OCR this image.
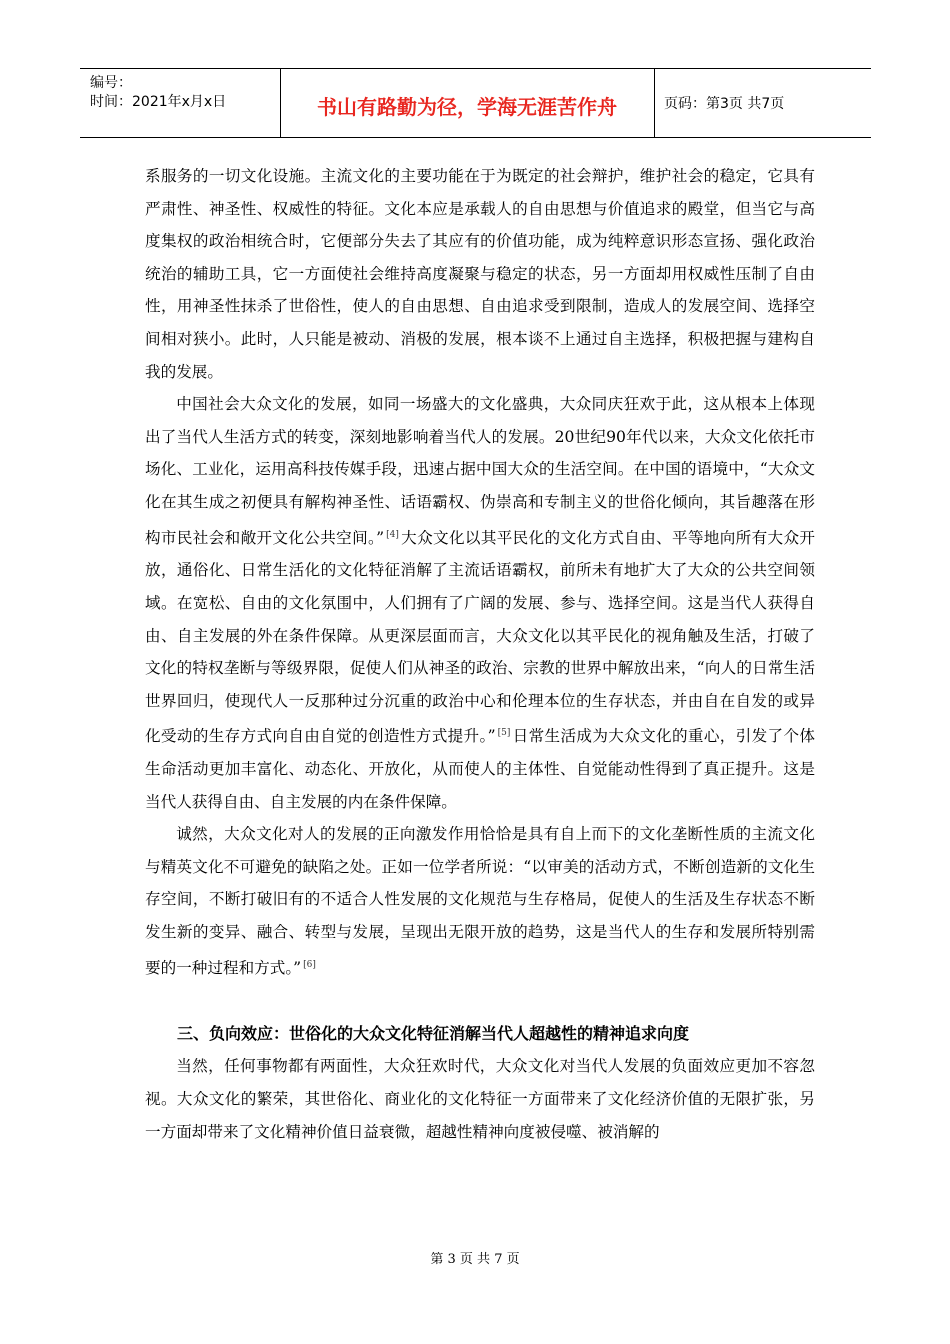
编号：
时间：2021年x月x日	书山有路勤为径，学海无涯苦作舟	页码：第3页 共7页

系服务的一切文化设施。主流文化的主要功能在于为既定的社会辩护，维护社会的稳定，它具有严肃性、神圣性、权威性的特征。文化本应是承载人的自由思想与价值追求的殿堂，但当它与高度集权的政治相统合时，它便部分失去了其应有的价值功能，成为纯粹意识形态宣扬、强化政治统治的辅助工具，它一方面使社会维持高度凝聚与稳定的状态，另一方面却用权威性压制了自由性，用神圣性抹杀了世俗性，使人的自由思想、自由追求受到限制，造成人的发展空间、选择空间相对狭小。此时，人只能是被动、消极的发展，根本谈不上通过自主选择，积极把握与建构自我的发展。

中国社会大众文化的发展，如同一场盛大的文化盛典，大众同庆狂欢于此，这从根本上体现出了当代人生活方式的转变，深刻地影响着当代人的发展。20世纪90年代以来，大众文化依托市场化、工业化，运用高科技传媒手段，迅速占据中国大众的生活空间。在中国的语境中，“大众文化在其生成之初便具有解构神圣性、话语霸权、伪崇高和专制主义的世俗化倾向，其旨趣落在形构市民社会和敞开文化公共空间。” [4] 大众文化以其平民化的文化方式自由、平等地向所有大众开放，通俗化、日常生活化的文化特征消解了主流话语霸权，前所未有地扩大了大众的公共空间领域。在宽松、自由的文化氛围中，人们拥有了广阔的发展、参与、选择空间。这是当代人获得自由、自主发展的外在条件保障。从更深层面而言，大众文化以其平民化的视角触及生活，打破了文化的特权垄断与等级界限，促使人们从神圣的政治、宗教的世界中解放出来，“向人的日常生活世界回归，使现代人一反那种过分沉重的政治中心和伦理本位的生存状态，并由自在自发的或异化受动的生存方式向自由自觉的创造性方式提升。” [5] 日常生活成为大众文化的重心，引发了个体生命活动更加丰富化、动态化、开放化，从而使人的主体性、自觉能动性得到了真正提升。这是当代人获得自由、自主发展的内在条件保障。

诚然，大众文化对人的发展的正向激发作用恰恰是具有自上而下的文化垄断性质的主流文化与精英文化不可避免的缺陷之处。正如一位学者所说：“以审美的活动方式，不断创造新的文化生存空间，不断打破旧有的不适合人性发展的文化规范与生存格局，促使人的生活及生存状态不断发生新的变异、融合、转型与发展，呈现出无限开放的趋势，这是当代人的生存和发展所特别需要的一种过程和方式。” [6]

三、负向效应：世俗化的大众文化特征消解当代人超越性的精神追求向度

当然，任何事物都有两面性，大众狂欢时代，大众文化对当代人发展的负面效应更加不容忽视。大众文化的繁荣，其世俗化、商业化的文化特征一方面带来了文化经济价值的无限扩张，另一方面却带来了文化精神价值日益衰微，超越性精神向度被侵噬、被消解的

第 3 页 共 7 页
